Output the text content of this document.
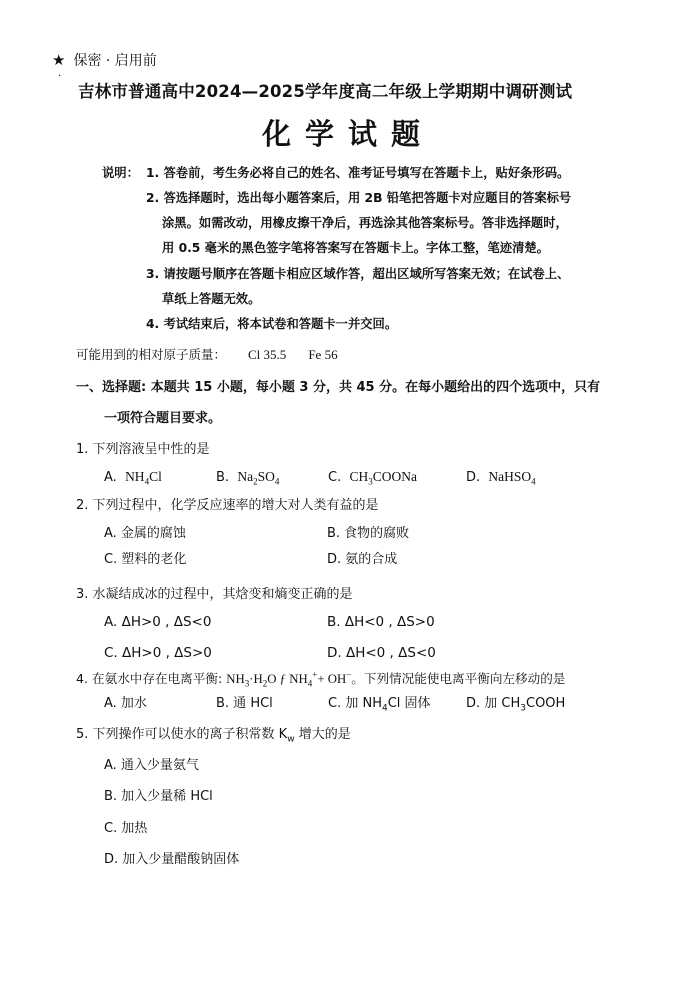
★ 保密 · 启用前
·
吉林市普通高中2024—2025学年度高二年级上学期期中调研测试
化学试题
说明： 1. 答卷前，考生务必将自己的姓名、准考证号填写在答题卡上，贴好条形码。
2. 答选择题时，选出每小题答案后，用 2B 铅笔把答题卡对应题目的答案标号
涂黑。如需改动，用橡皮擦干净后，再选涂其他答案标号。答非选择题时，
用 0.5 毫米的黑色签字笔将答案写在答题卡上。字体工整，笔迹清楚。
3. 请按题号顺序在答题卡相应区域作答，超出区域所写答案无效；在试卷上、
草纸上答题无效。
4. 考试结束后，将本试卷和答题卡一并交回。
可能用到的相对原子质量： Cl 35.5 Fe 56
一、选择题: 本题共 15 小题，每小题 3 分，共 45 分。在每小题给出的四个选项中，只有
一项符合题目要求。
1. 下列溶液呈中性的是
A. $NH_4Cl$	B. $Na_2SO_4$	C. $CH_3COONa$	D. NaHSO$_4$
2. 下列过程中，化学反应速率的增大对人类有益的是
A. 金属的腐蚀	B. 食物的腐败
C. 塑料的老化	D. 氨的合成
3. 水凝结成冰的过程中，其焓变和熵变正确的是
A. ΔH>0 , ΔS<0	B. ΔH<0 , ΔS>0
C. ΔH>0 , ΔS>0	D. ΔH<0 , ΔS<0
4. 在氨水中存在电离平衡: $NH_3\cdot H_2O$ ƒ $NH_4^++ OH^-$。下列情况能使电离平衡向左移动的是
A. 加水	B. 通 HCl	C. 加 $NH_4Cl$ 固体	D. 加 $CH_3COOH$
5. 下列操作可以使水的离子积常数 $K_w$ 增大的是
A. 通入少量氨气
B. 加入少量稀 HCl
C. 加热
D. 加入少量醋酸钠固体
